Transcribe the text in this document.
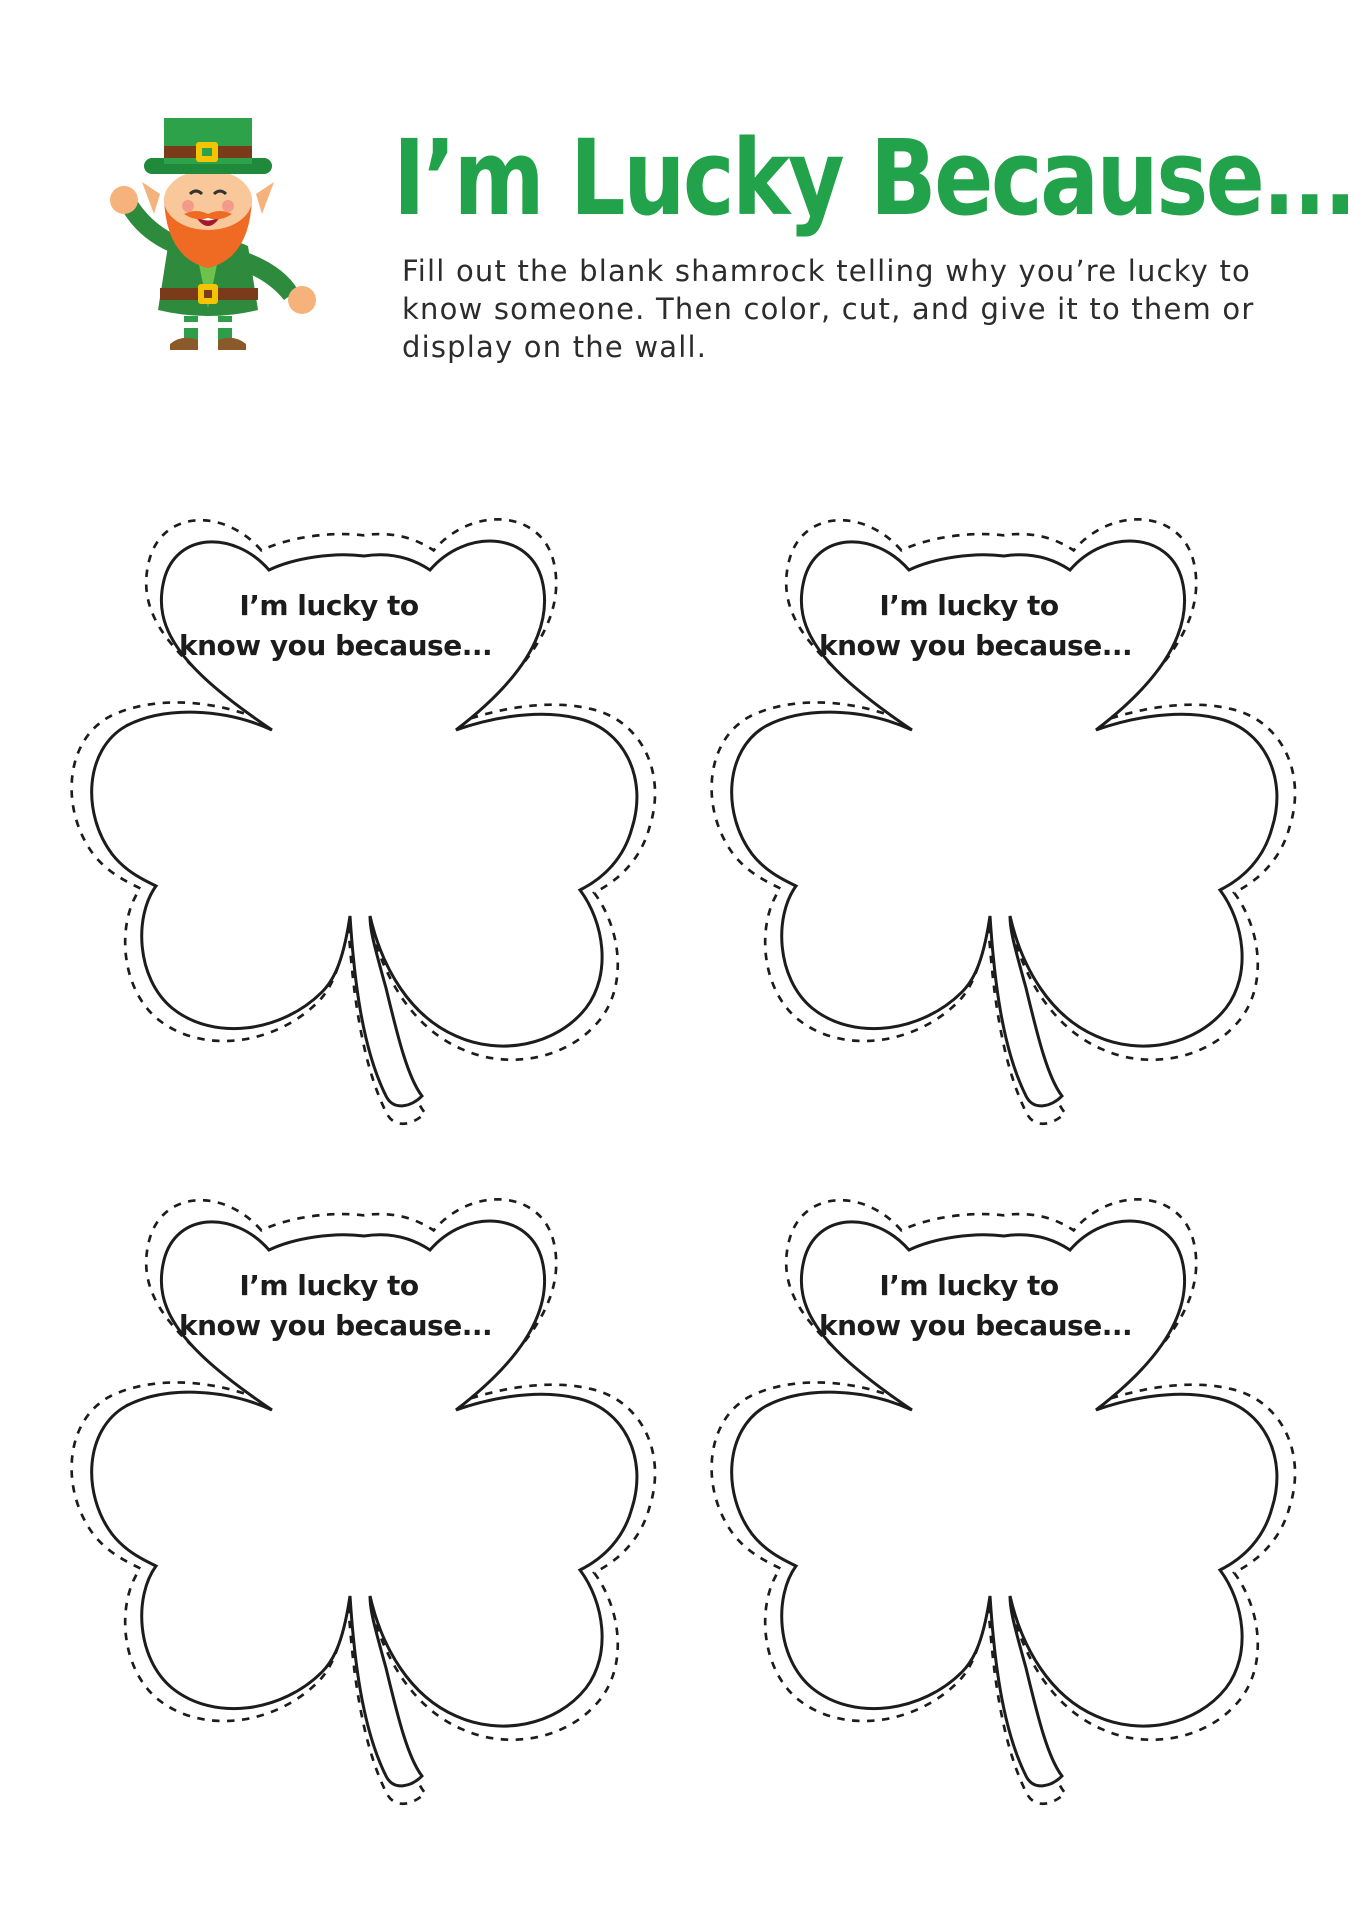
I’m Lucky Because...

Fill out the blank shamrock telling why you’re lucky to know someone. Then color, cut, and give it to them or display on the wall.

I’m lucky to
know you because...
I’m lucky to
know you because...
I’m lucky to
know you because...
I’m lucky to
know you because...
